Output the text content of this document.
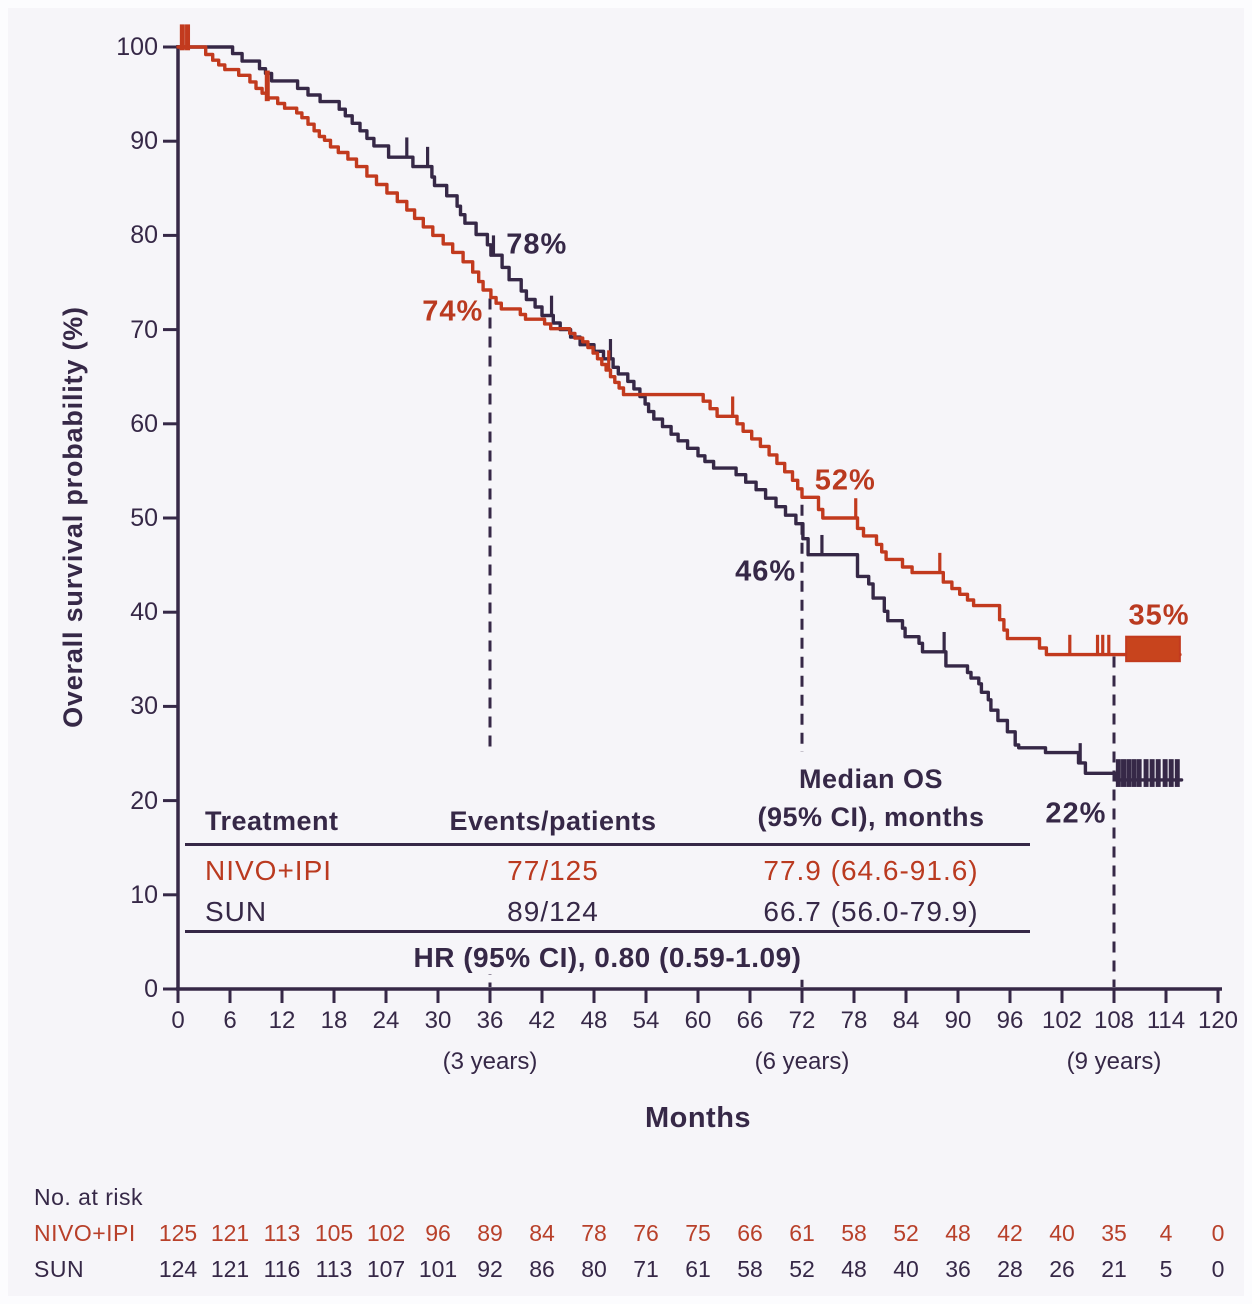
Overall survival probability (%)
0
10
20
30
40
50
60
70
80
90
100
0	6	12	18	24	30	36	42	48	54	60	66	72	78	84	90	96 102 108 114 120
(3 years)	(6 years)	(9 years)
Months
78%
74%
52%
46%
35%
22%
Median OS
(95% CI), months
Treatment	Events/patients
NIVO+IPI	77/125	77.9 (64.6-91.6)
SUN	89/124	66.7 (56.0-79.9)
HR (95% CI), 0.80 (0.59-1.09)
No. at risk
NIVO+IPI	125 121 113 105 102 96	89	84	78	76	75	66	61	58	52	48	42	40	35	4	0
SUN	124 121 116 113 107 101 92	86	80	71	61	58	52	48	40	36	28	26	21	5	0
